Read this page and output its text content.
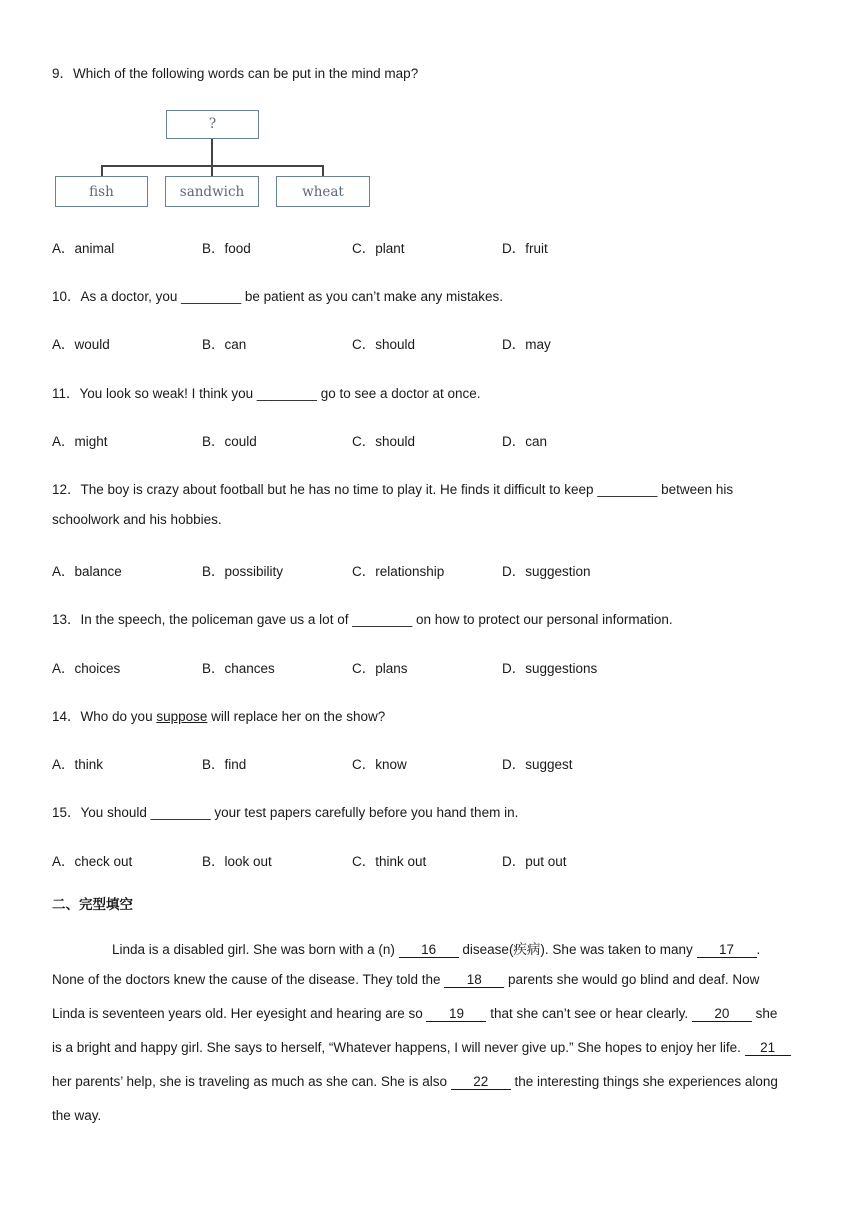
9．Which of the following words can be put in the mind map?
?
fish	sandwich	wheat
A．animal	B．food	C．plant	D．fruit
10．As a doctor, you ________ be patient as you can’t make any mistakes.
A．would	B．can	C．should	D．may
11．You look so weak! I think you ________ go to see a doctor at once.
A．might	B．could	C．should	D．can
12．The boy is crazy about football but he has no time to play it. He finds it difficult to keep ________ between his
schoolwork and his hobbies.
A．balance	B．possibility	C．relationship	D．suggestion
13．In the speech, the policeman gave us a lot of ________ on how to protect our personal information.
A．choices	B．chances	C．plans	D．suggestions
14．Who do you suppose will replace her on the show?
A．think	B．find	C．know	D．suggest
15．You should ________ your test papers carefully before you hand them in.
A．check out	B．look out	C．think out	D．put out
二、完型填空
Linda is a disabled girl. She was born with a (n) 16 disease(疾病). She was taken to many 17 .
None of the doctors knew the cause of the disease. They told the 18 parents she would go blind and deaf. Now
Linda is seventeen years old. Her eyesight and hearing are so 19 that she can’t see or hear clearly. 20 she
is a bright and happy girl. She says to herself, “Whatever happens, I will never give up.” She hopes to enjoy her life. 21
her parents’ help, she is traveling as much as she can. She is also 22 the interesting things she experiences along
the way.
